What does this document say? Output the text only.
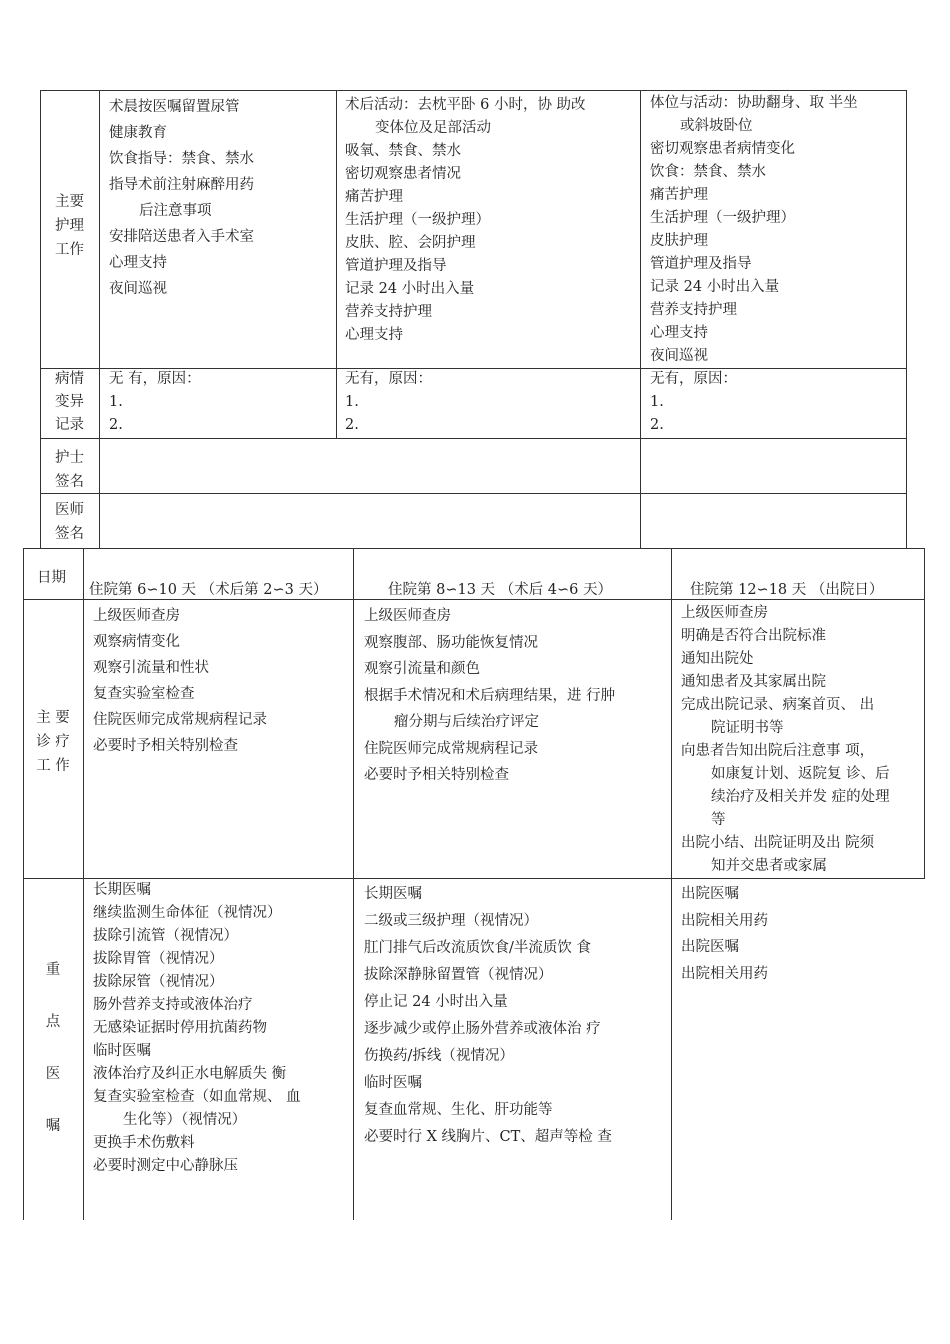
主要
护理
工作
病情
变异
记录
护士
签名
医师
签名
术晨按医嘱留置尿管
健康教育
饮食指导：禁食、禁水
指导术前注射麻醉用药
后注意事项
安排陪送患者入手术室
心理支持
夜间巡视
术后活动：去枕平卧 6 小时，协 助改
变体位及足部活动
吸氧、禁食、禁水
密切观察患者情况
痛苦护理
生活护理（一级护理）
皮肤、腔、会阴护理
管道护理及指导
记录 24 小时出入量
营养支持护理
心理支持
体位与活动：协助翻身、取 半坐
或斜坡卧位
密切观察患者病情变化
饮食：禁食、禁水
痛苦护理
生活护理（一级护理）
皮肤护理
管道护理及指导
记录 24 小时出入量
营养支持护理
心理支持
夜间巡视
无 有，原因：
1.
2.
无有，原因：
1.
2.
无有，原因：
1.
2.
日期
住院第 6∽10 天 （术后第 2∽3 天）	住院第 8∽13 天 （术后 4∽6 天）	住院第 12∽18 天 （出院日）
主 要
诊 疗
工 作
重
点
医
嘱
上级医师查房
观察病情变化
观察引流量和性状
复查实验室检查
住院医师完成常规病程记录
必要时予相关特别检查
上级医师查房
观察腹部、肠功能恢复情况
观察引流量和颜色
根据手术情况和术后病理结果，进 行肿
瘤分期与后续治疗评定
住院医师完成常规病程记录
必要时予相关特别检查
上级医师查房
明确是否符合出院标准
通知出院处
通知患者及其家属出院
完成出院记录、病案首页、 出
院证明书等
向患者告知出院后注意事 项，
如康复计划、返院复 诊、后
续治疗及相关并发 症的处理
等
出院小结、出院证明及出 院须
知并交患者或家属
长期医嘱
继续监测生命体征（视情况）
拔除引流管（视情况）
拔除胃管（视情况）
拔除尿管（视情况）
肠外营养支持或液体治疗
无感染证据时停用抗菌药物
临时医嘱
液体治疗及纠正水电解质失 衡
复查实验室检查（如血常规、 血
生化等）（视情况）
更换手术伤敷料
必要时测定中心静脉压
长期医嘱
二级或三级护理（视情况）
肛门排气后改流质饮食/半流质饮 食
拔除深静脉留置管（视情况）
停止记 24 小时出入量
逐步减少或停止肠外营养或液体治 疗
伤换药/拆线（视情况）
临时医嘱
复查血常规、生化、肝功能等
必要时行 X 线胸片、CT、超声等检 查
出院医嘱
出院相关用药
出院医嘱
出院相关用药
